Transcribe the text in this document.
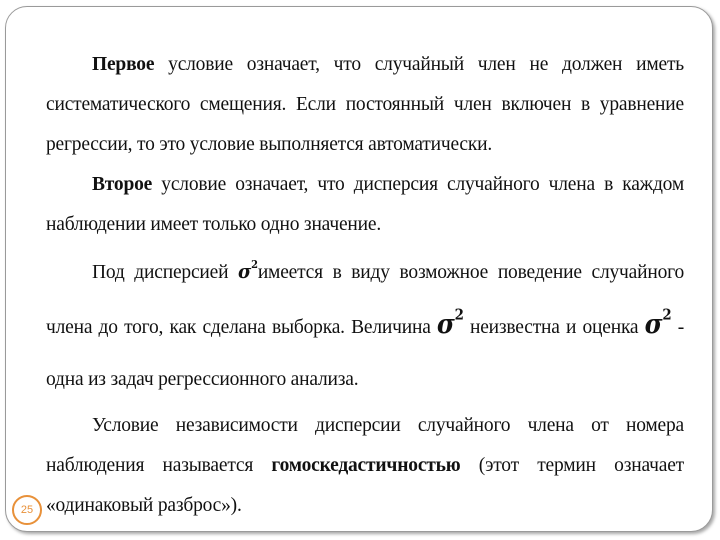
Первое условие означает, что случайный член не должен иметь систематического смещения. Если постоянный член включен в уравнение регрессии, то это условие выполняется автоматически.

Второе условие означает, что дисперсия случайного члена в каждом наблюдении имеет только одно значение.

Под дисперсией $\sigma^2имеется$ в виду возможное поведение случайного члена до того, как сделана выборка. Величина $\sigma^2$ неизвестна и оценка $\sigma^2$ - одна из задач регрессионного анализа.

Условие независимости дисперсии случайного члена от номера наблюдения называется гомоскедастичностью (этот термин означает «одинаковый разброс»).

25
